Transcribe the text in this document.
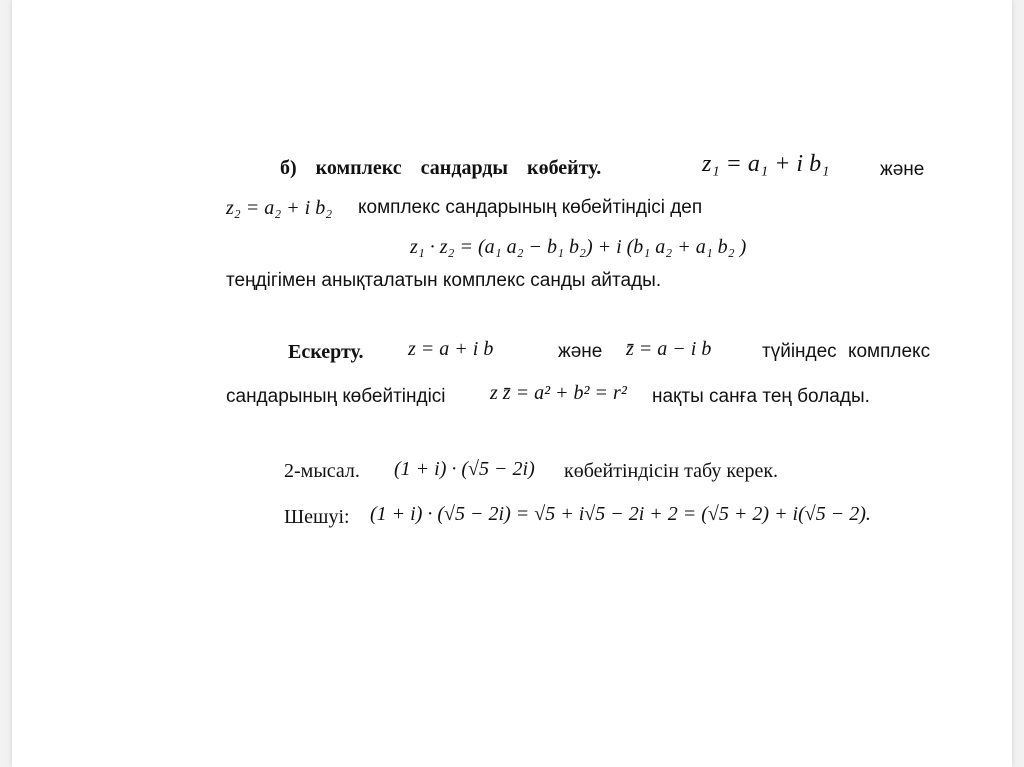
б) комплекс сандарды көбейту.	z₁ = a₁ + i b₁	және
z₂ = a₂ + i b₂ комплекс сандарының көбейтіндісі деп
z₁ · z₂ = (a₁ a₂ − b₁ b₂) + i (b₁ a₂ + a₁ b₂ )
теңдігімен анықталатын комплекс санды айтады.
Ескерту. z = a + i b	және z̄ = a − i b	түйіндес комплекс
сандарының көбейтіндісі z z̄ = a² + b² = r² нақты санға тең болады.
2-мысал. (1 + i) · (√5 − 2i) көбейтіндісін табу керек.
Шешуі: (1 + i) · (√5 − 2i) = √5 + i√5 − 2i + 2 = (√5 + 2) + i(√5 − 2).
